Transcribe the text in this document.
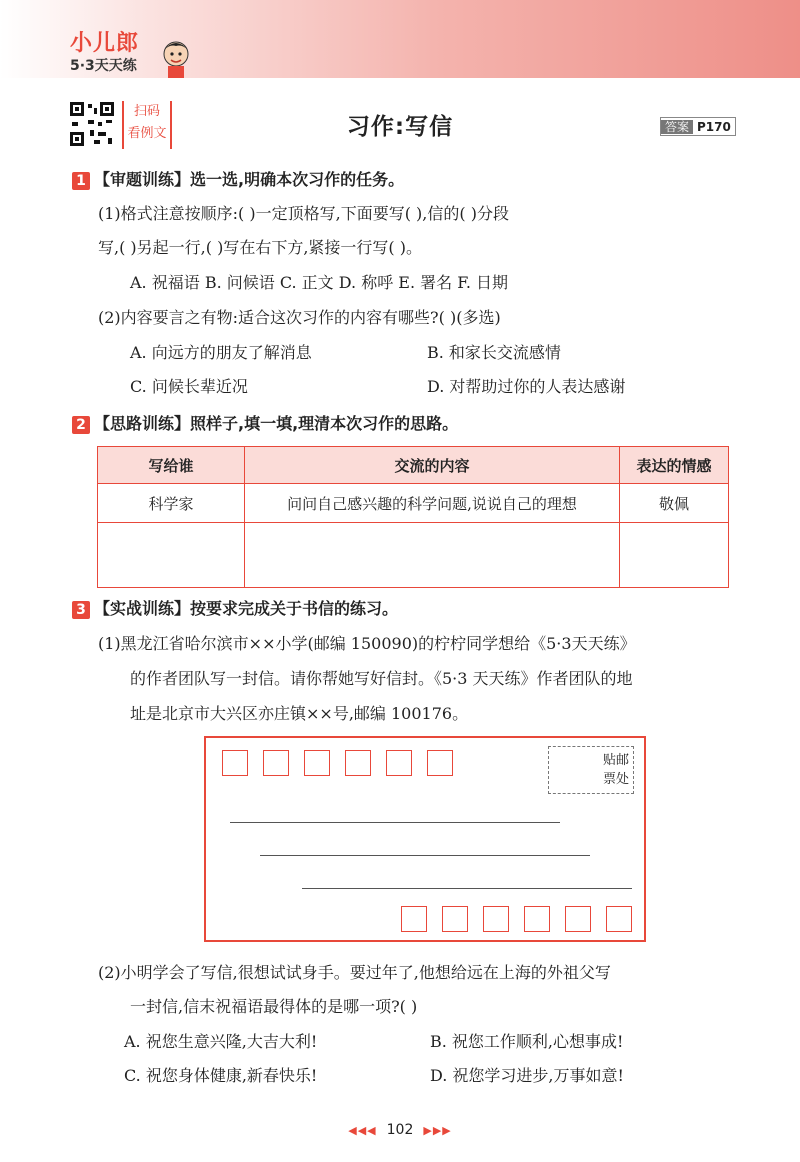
小儿郎
5·3天天练
扫码
看例文	习作:写信	答案 P170
1 【审题训练】选一选,明确本次习作的任务。
(1)格式注意按顺序:( )一定顶格写,下面要写( ),信的( )分段
写,( )另起一行,( )写在右下方,紧接一行写( )。
A. 祝福语 B. 问候语 C. 正文 D. 称呼 E. 署名 F. 日期
(2)内容要言之有物:适合这次习作的内容有哪些?( )(多选)
A. 向远方的朋友了解消息	B. 和家长交流感情
C. 问候长辈近况	D. 对帮助过你的人表达感谢
2 【思路训练】照样子,填一填,理清本次习作的思路。
写给谁	交流的内容	表达的情感
科学家	问问自己感兴趣的科学问题,说说自己的理想	敬佩

3 【实战训练】按要求完成关于书信的练习。
(1)黑龙江省哈尔滨市××小学(邮编 150090)的柠柠同学想给《5·3天天练》
的作者团队写一封信。请你帮她写好信封。《5·3 天天练》作者团队的地
址是北京市大兴区亦庄镇××号,邮编 100176。
贴邮
票处
(2)小明学会了写信,很想试试身手。要过年了,他想给远在上海的外祖父写
一封信,信末祝福语最得体的是哪一项?( )
A. 祝您生意兴隆,大吉大利!	B. 祝您工作顺利,心想事成!
C. 祝您身体健康,新春快乐!	D. 祝您学习进步,万事如意!
◀◀◀ 102 ▶▶▶
